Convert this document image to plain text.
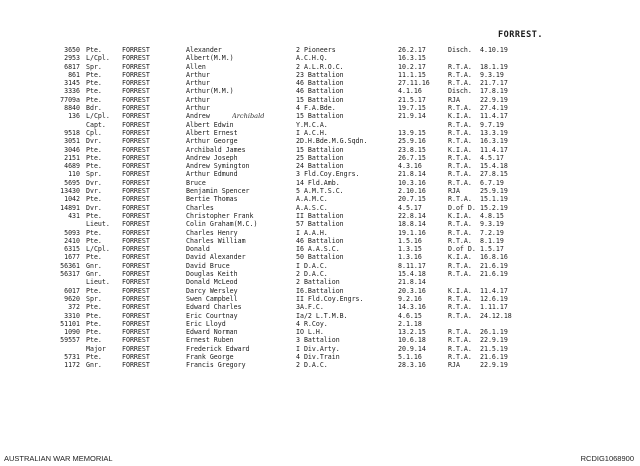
FORREST.
3650 Pte.	FORREST	Alexander	2 Pioneers	26.2.17	Disch.	4.10.19
2953 L/Cpl.	FORREST	Albert(M.M.)	A.C.H.Q.	16.3.15
6817 Spr.	FORREST	Allen	2 A.L.R.O.C.	10.2.17	R.T.A.	18.1.19
861 Pte.	FORREST	Arthur	23 Battalion	11.1.15	R.T.A.	9.3.19
3145 Pte.	FORREST	Arthur	46 Battalion	27.11.16	R.T.A.	21.7.17
3336 Pte.	FORREST	Arthur(M.M.)	46 Battalion	4.1.16	Disch.	17.8.19
7709a Pte.	FORREST	Arthur	15 Battalion	21.5.17	RJA	22.9.19
8840 Bdr.	FORREST	Arthur	4 F.A.Bde.	19.7.15	R.T.A.	27.4.19
136 L/Cpl.	FORREST	Andrew	15 Battalion	21.9.14	K.I.A.	11.4.17
Archibald
Capt.	FORREST	Albert Edwin	Y.M.C.A.	R.T.A.	9.7.19
9518 Cpl.	FORREST	Albert Ernest	I A.C.H.	13.9.15	R.T.A.	13.3.19
3051 Dvr.	FORREST	Arthur George	2D.H.Bde.M.G.Sqdn.	25.9.16	R.T.A.	16.3.19
3046 Pte.	FORREST	Archibald James	15 Battalion	23.8.15	K.I.A.	11.4.17
2151 Pte.	FORREST	Andrew Joseph	25 Battalion	26.7.15	R.T.A.	4.5.17
4689 Pte.	FORREST	Andrew Symington	24 Battalion	4.3.16	R.T.A.	15.4.18
110 Spr.	FORREST	Arthur Edmund	3 Fld.Coy.Engrs.	21.8.14	R.T.A.	27.8.15
5695 Dvr.	FORREST	Bruce	14 Fld.Amb.	10.3.16	R.T.A.	6.7.19
13430 Dvr.	FORREST	Benjamin Spencer	5 A.M.T.S.C.	2.10.16	RJA	25.9.19
1042 Pte.	FORREST	Bertie Thomas	A.A.M.C.	20.7.15	R.T.A.	15.1.19
14891 Dvr.	FORREST	Charles	A.A.S.C.	4.5.17	D.of D. 15.2.19
431 Pte.	FORREST	Christopher Frank	II Battalion	22.8.14	K.I.A.	4.8.15
Lieut.	FORREST	Colin Graham(M.C.)	57 Battalion	18.8.14	R.T.A.	9.3.19
5093 Pte.	FORREST	Charles Henry	I A.A.H.	19.1.16	R.T.A.	7.2.19
2410 Pte.	FORREST	Charles William	46 Battalion	1.5.16	R.T.A.	8.1.19
6315 L/Cpl.	FORREST	Donald	I6 A.A.S.C.	1.3.15	D.of D. 1.5.17
1677 Pte.	FORREST	David Alexander	50 Battalion	1.3.16	K.I.A.	16.8.16
56361 Gnr.	FORREST	David Bruce	I D.A.C.	8.11.17	R.T.A.	21.6.19
56317 Gnr.	FORREST	Douglas Keith	2 D.A.C.	15.4.18	R.T.A.	21.6.19
Lieut.	FORREST	Donald McLeod	2 Battalion	21.8.14
6017 Pte.	FORREST	Darcy Wersley	I6.Battalion	20.3.16	K.I.A.	11.4.17
9620 Spr.	FORREST	Swen Campbell	II Fld.Coy.Engrs.	9.2.16	R.T.A.	12.6.19
372 Pte.	FORREST	Edward Charles	3A.F.C.	14.3.16	R.T.A.	1.11.17
3310 Pte.	FORREST	Eric Courtnay	Ia/2 L.T.M.B.	4.6.15	R.T.A.	24.12.18
51101 Pte.	FORREST	Eric Lloyd	4 R.Coy.	2.1.18
1090 Pte.	FORREST	Edward Norman	IO L.H.	13.2.15	R.T.A.	26.1.19
59557 Pte.	FORREST	Ernest Ruben	3 Battalion	10.6.18	R.T.A.	22.9.19
Major	FORREST	Frederick Edward	I Div.Arty.	20.9.14	R.T.A.	21.5.19
5731 Pte.	FORREST	Frank George	4 Div.Train	5.1.16	R.T.A.	21.6.19
1172 Gnr.	FORREST	Francis Gregory	2 D.A.C.	28.3.16	RJA	22.9.19
AUSTRALIAN WAR MEMORIAL	RCDIG1068900
